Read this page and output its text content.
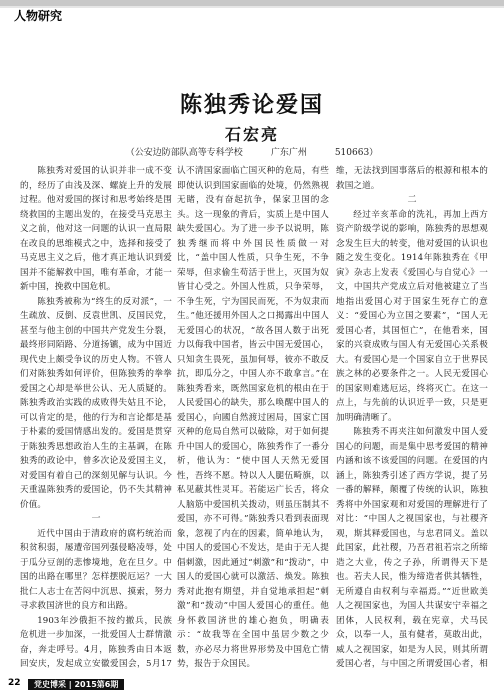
人物研究
陈独秀论爱国
石宏亮
（公安边防部队高等专科学校	广东广州	510663）

陈独秀对爱国的认识并非一成不变的，经历了由浅及深、螺旋上升的发展过程。他对爱国的探讨和思考始终是围绕救国的主题出发的，在接受马克思主义之前，他对这一问题的认识一直局限在改良的思维模式之中，选择和接受了马克思主义之后，他才真正地认识到爱国并不能解救中国，唯有革命，才能一新中国，挽救中国危机。

陈独秀被称为“终生的反对派”，一生疏放、反倒、反袁世凯、反国民党，甚至与他主创的中国共产党发生分裂，最终形同陌路、分道扬镳，成为中国近现代史上颇受争议的历史人物。不管人们对陈独秀如何评价，但陈独秀的拳拳爱国之心却是举世公认、无人质疑的。陈独秀政治实践的成败得失姑且不论，可以肯定的是，他的行为和言论都是基于朴素的爱国情感出发的。爱国是贯穿于陈独秀思想政治人生的主基调，在陈独秀的政论中，曾多次论及爱国主义，对爱国有着自己的深刻见解与认识。今天重温陈独秀的爱国论，仍不失其精神价值。

一

近代中国由于清政府的腐朽统治而积贫积弱，屡遭帝国列强侵略凌辱，处于瓜分豆剖的悲惨境地，危在旦夕。中国的出路在哪里？怎样摆脱厄运？一大批仁人志士在苦闷中沉思、摸索，努力寻求救国济世的良方和出路。

1903年沙俄拒不按约撤兵，民族危机进一步加深，一批爱国人士群情激奋，奔走呼号。4月，陈独秀由日本返回安庆，发起成立安徽爱国会，5月17

认不清国家面临亡国灭种的危局，有些即使认识到国家面临的处境，仍然熟视无睹，没有奋起抗争，保家卫国的念头。这一现象的背后，实质上是中国人缺失爱国心。为了进一步予以说明，陈独秀继而将中外国民性质做一对比，“盖中国人性质，只争生死，不争荣辱，但求偷生苟活于世上，灭国为奴皆甘心受之。外国人性质，只争荣辱，不争生死，宁为国民而死，不为奴隶而生。”他还援用外国人之口揭露出中国人无爱国心的状况，“故各国人数于出死力以侮我中国者，皆云中国无爱国心，只知贪生畏死，虽加何辱，彼亦不敢反抗，即瓜分之，中国人亦不敢拿言。”在陈独秀看来，既然国家危机的根由在于人民爱国心的缺失，那么唤醒中国人的爱国心，向國自然渡过困局，国家亡国灭种的危局自然可以破除，对于如何提升中国人的爱国心，陈独秀作了一番分析，他认为：“使中国人天然无爱国性，吾终不愿。特以人人腿伍畸旗，以私见蔽其性灵耳。若能运广长舌，将众人脑筋中爱国机关拨动，则虽压制其不爱国，亦不可得。”陈独秀只看到表面现象，忽视了内在的因素，简单地认为，中国人的爱国心不发达，是由于无人提倡刺激，因此通过“刺激”和“拨动”，中国人的爱国心就可以激活、焕发。陈独秀对此抱有期望，并自觉地承担起“刺激”和“拨动”中国人爱国心的重任。他身怀救国济世的雄心抱负，明确表示：“故我等在全国中虽居少数之少数，亦必尽力将世界形势及中国危亡情势，报告于众国民。

维，无法找到国事落后的根源和根本的救国之道。

二

经过辛亥革命的洗礼，再加上西方资产阶级学说的影响，陈独秀的思想观念发生巨大的转变，他对爱国的认识也随之发生变化。1914年陈独秀在《甲寅》杂志上发表《爱国心与自觉心》一文，中国共产党成立后对他被建立了当地指出爱国心对于国家生死存亡的意义：“爱国心为立国之要素”，“国人无爱国心者，其国恒亡”，在他看来，国家的兴衰成败与国人有无爱国心关系极大。有爱国心是一个国家自立于世界民族之林的必要条件之一。人民无爱国心的国家则难逃厄运，终将灭亡。在这一点上，与先前的认识近乎一致，只是更加明确清晰了。

陈独秀不再夹注如何激发中国人爱国心的问题，而是集中思考爱国的精神内涵和该不该爱国的问题。在爱国的内涵上，陈独秀引述了西方学说，提了另一番的解释，颠覆了传统的认识，陈独秀将中外国家观和对爱国的理解进行了对比：“中国人之视国家也，与社稷齐观，斯其释爱国也，与忠君同义。盖以此国家，此社稷，乃吾君祖若宗之所缔造之大业，传之子孙，所谓得天下是也。若夫人民，惟为缔造者供其牺牲，无所遵自由权利与幸福焉。”“近世欧美人之视国家也，为国人共谋安宁幸福之团体，人民权利，载在宪章，犬马民众，以奉一人，虽有健者，莫敢出此，威人之视国家，如是为人民，则其所谓爱国心者，与中国之所谓爱国心者，相

22	党史博采 | 2015第6期
